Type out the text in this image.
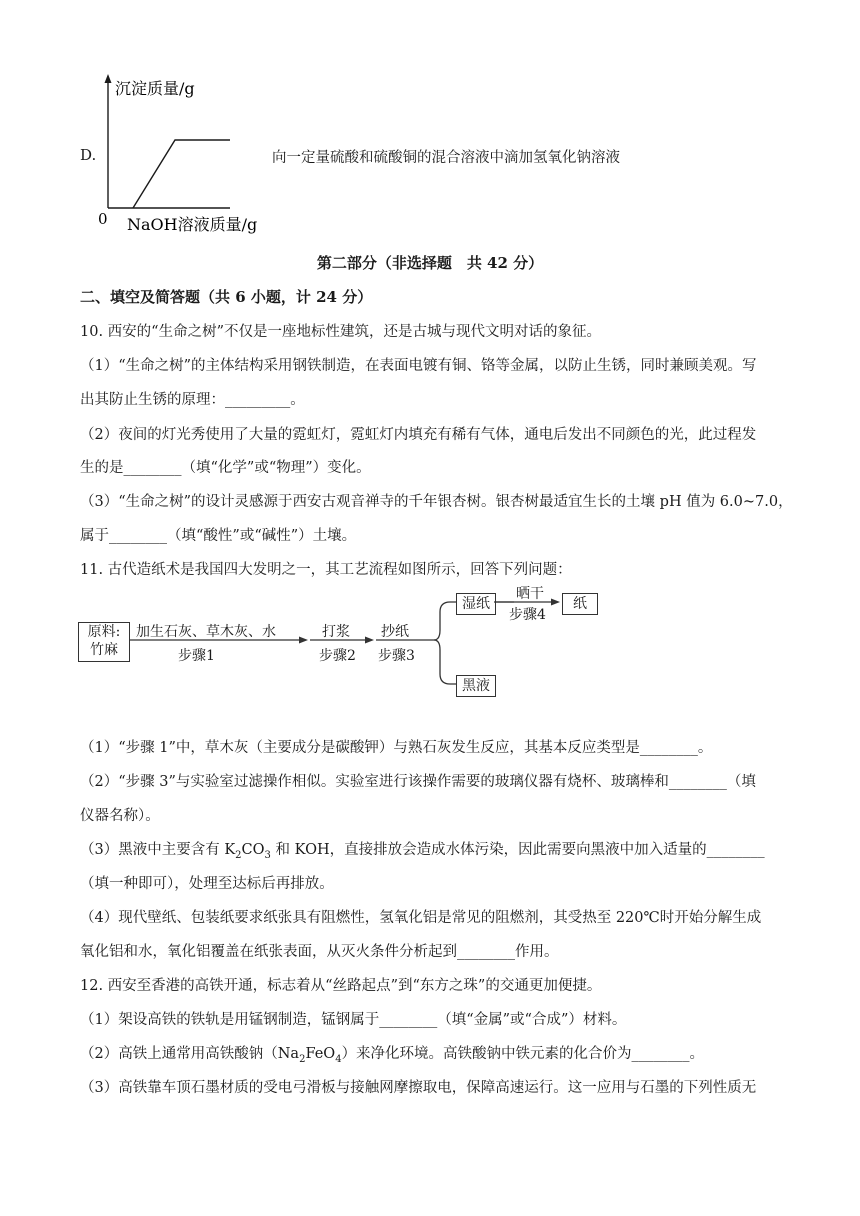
D.
沉淀质量/g
0 NaOH溶液质量/g
向一定量硫酸和硫酸铜的混合溶液中滴加氢氧化钠溶液
第二部分（非选择题　共 42 分）
二、填空及简答题（共 6 小题，计 24 分）
10. 西安的“生命之树”不仅是一座地标性建筑，还是古城与现代文明对话的象征。
（1）“生命之树”的主体结构采用钢铁制造，在表面电镀有铜、铬等金属，以防止生锈，同时兼顾美观。写
出其防止生锈的原理：_________。
（2）夜间的灯光秀使用了大量的霓虹灯，霓虹灯内填充有稀有气体，通电后发出不同颜色的光，此过程发
生的是________（填“化学”或“物理”）变化。
（3）“生命之树”的设计灵感源于西安古观音禅寺的千年银杏树。银杏树最适宜生长的土壤 pH 值为 6.0~7.0，
属于________（填“酸性”或“碱性”）土壤。
11. 古代造纸术是我国四大发明之一，其工艺流程如图所示，回答下列问题：
原料:
竹麻
加生石灰、草木灰、水
步骤1
打浆
步骤2
抄纸
步骤3
湿纸
晒干
步骤4
纸
黑液
（1）“步骤 1”中，草木灰（主要成分是碳酸钾）与熟石灰发生反应，其基本反应类型是________。
（2）“步骤 3”与实验室过滤操作相似。实验室进行该操作需要的玻璃仪器有烧杯、玻璃棒和________（填
仪器名称）。
（3）黑液中主要含有 $K_2CO_3$ 和 KOH，直接排放会造成水体污染，因此需要向黑液中加入适量的________
（填一种即可），处理至达标后再排放。
（4）现代壁纸、包装纸要求纸张具有阻燃性，氢氧化铝是常见的阻燃剂，其受热至 220℃时开始分解生成
氧化铝和水，氧化铝覆盖在纸张表面，从灭火条件分析起到________作用。
12. 西安至香港的高铁开通，标志着从“丝路起点”到“东方之珠”的交通更加便捷。
（1）架设高铁的铁轨是用锰钢制造，锰钢属于________（填“金属”或“合成”）材料。
（2）高铁上通常用高铁酸钠$(Na_2FeO_4)$来净化环境。高铁酸钠中铁元素的化合价为________。
（3）高铁靠车顶石墨材质的受电弓滑板与接触网摩擦取电，保障高速运行。这一应用与石墨的下列性质无
